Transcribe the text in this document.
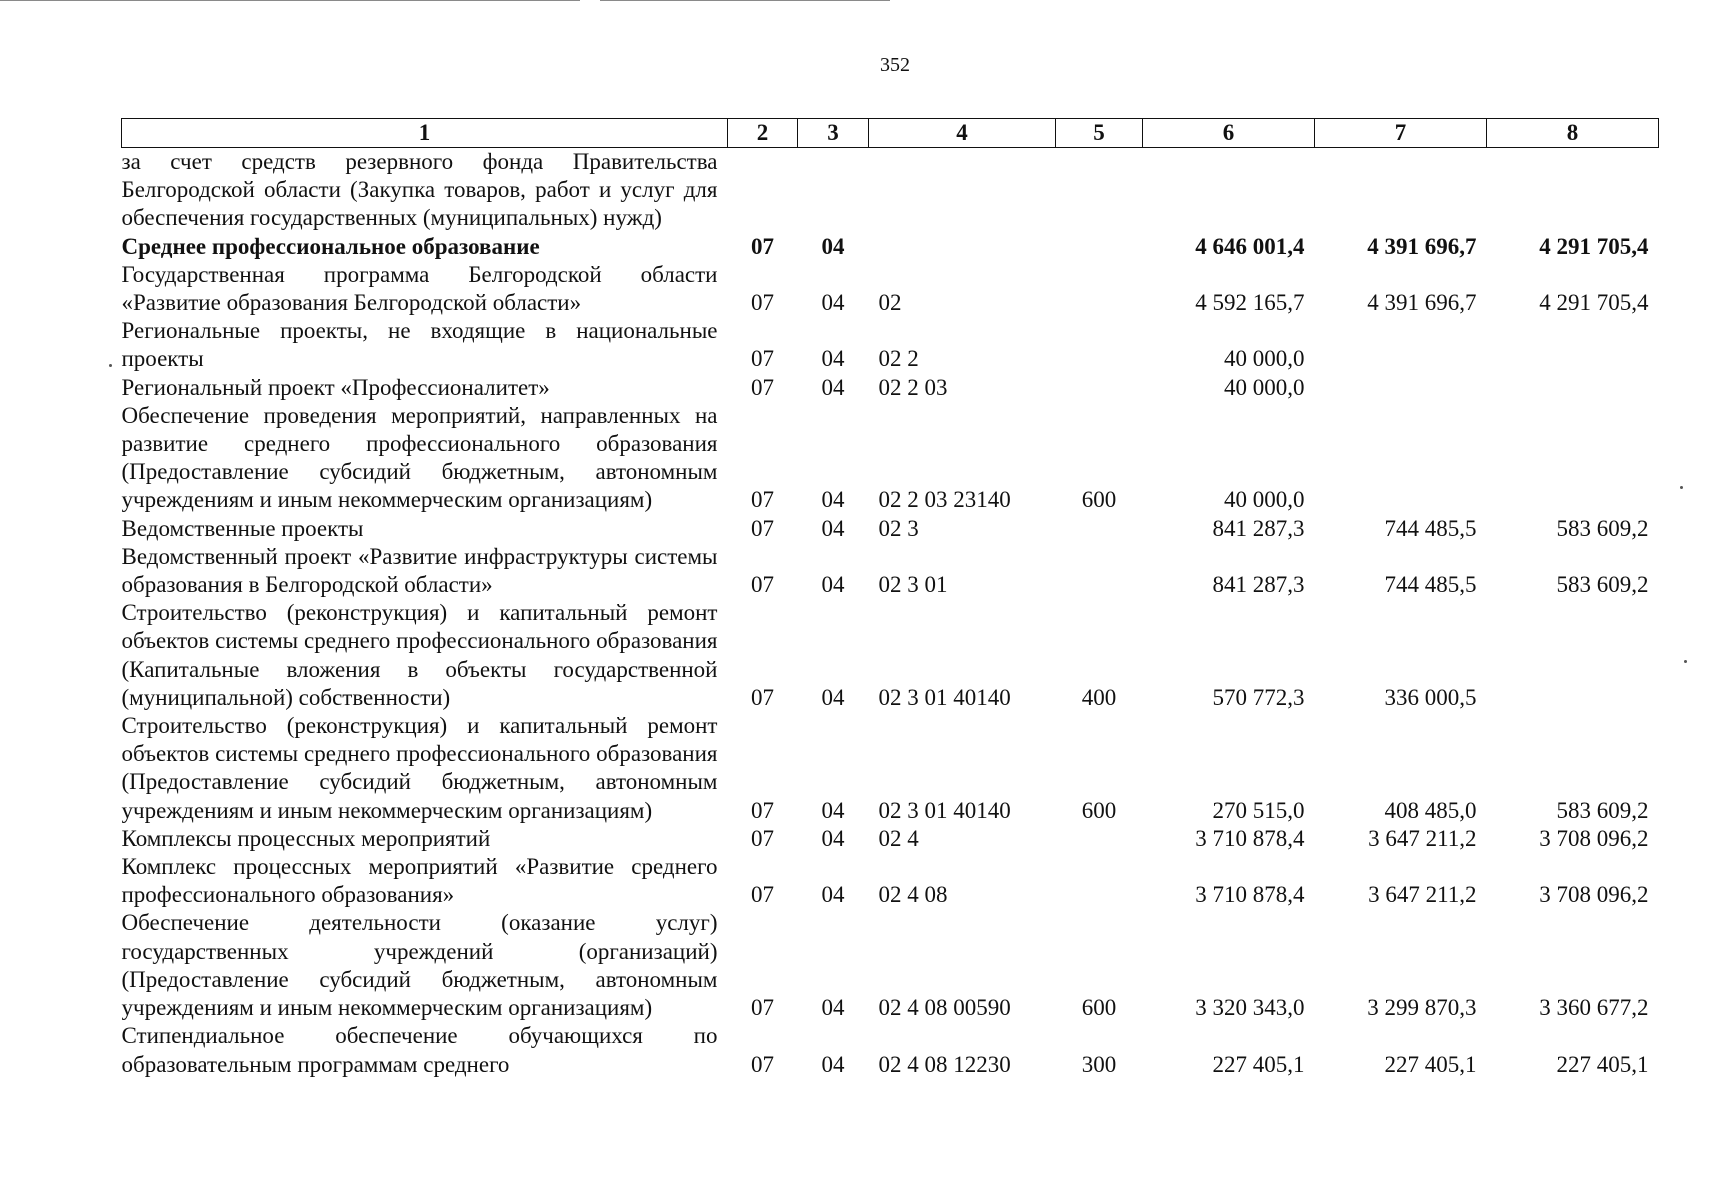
352
1	2	3	4	5	6	7	8
за счет средств резервного фонда Правительства Белгородской области (Закупка товаров, работ и услуг для обеспечения государственных (муниципальных) нужд)							
Среднее профессиональное образование	07	04			4 646 001,4	4 391 696,7	4 291 705,4
Государственная программа Белгородской области «Развитие образования Белгородской области»	07	04	02		4 592 165,7	4 391 696,7	4 291 705,4
Региональные проекты, не входящие в национальные проекты	07	04	02 2		40 000,0		
Региональный проект «Профессионалитет»	07	04	02 2 03		40 000,0		
Обеспечение проведения мероприятий, направленных на развитие среднего профессионального образования (Предоставление субсидий бюджетным, автономным учреждениям и иным некоммерческим организациям)	07	04	02 2 03 23140	600	40 000,0		
Ведомственные проекты	07	04	02 3		841 287,3	744 485,5	583 609,2
Ведомственный проект «Развитие инфраструктуры системы образования в Белгородской области»	07	04	02 3 01		841 287,3	744 485,5	583 609,2
Строительство (реконструкция) и капитальный ремонт объектов системы среднего профессионального образования (Капитальные вложения в объекты государственной (муниципальной) собственности)	07	04	02 3 01 40140	400	570 772,3	336 000,5	
Строительство (реконструкция) и капитальный ремонт объектов системы среднего профессионального образования (Предоставление субсидий бюджетным, автономным учреждениям и иным некоммерческим организациям)	07	04	02 3 01 40140	600	270 515,0	408 485,0	583 609,2
Комплексы процессных мероприятий	07	04	02 4		3 710 878,4	3 647 211,2	3 708 096,2
Комплекс процессных мероприятий «Развитие среднего профессионального образования»	07	04	02 4 08		3 710 878,4	3 647 211,2	3 708 096,2
Обеспечение деятельности (оказание услуг) государственных учреждений (организаций) (Предоставление субсидий бюджетным, автономным учреждениям и иным некоммерческим организациям)	07	04	02 4 08 00590	600	3 320 343,0	3 299 870,3	3 360 677,2
Стипендиальное обеспечение обучающихся по образовательным программам среднего	07	04	02 4 08 12230	300	227 405,1	227 405,1	227 405,1
